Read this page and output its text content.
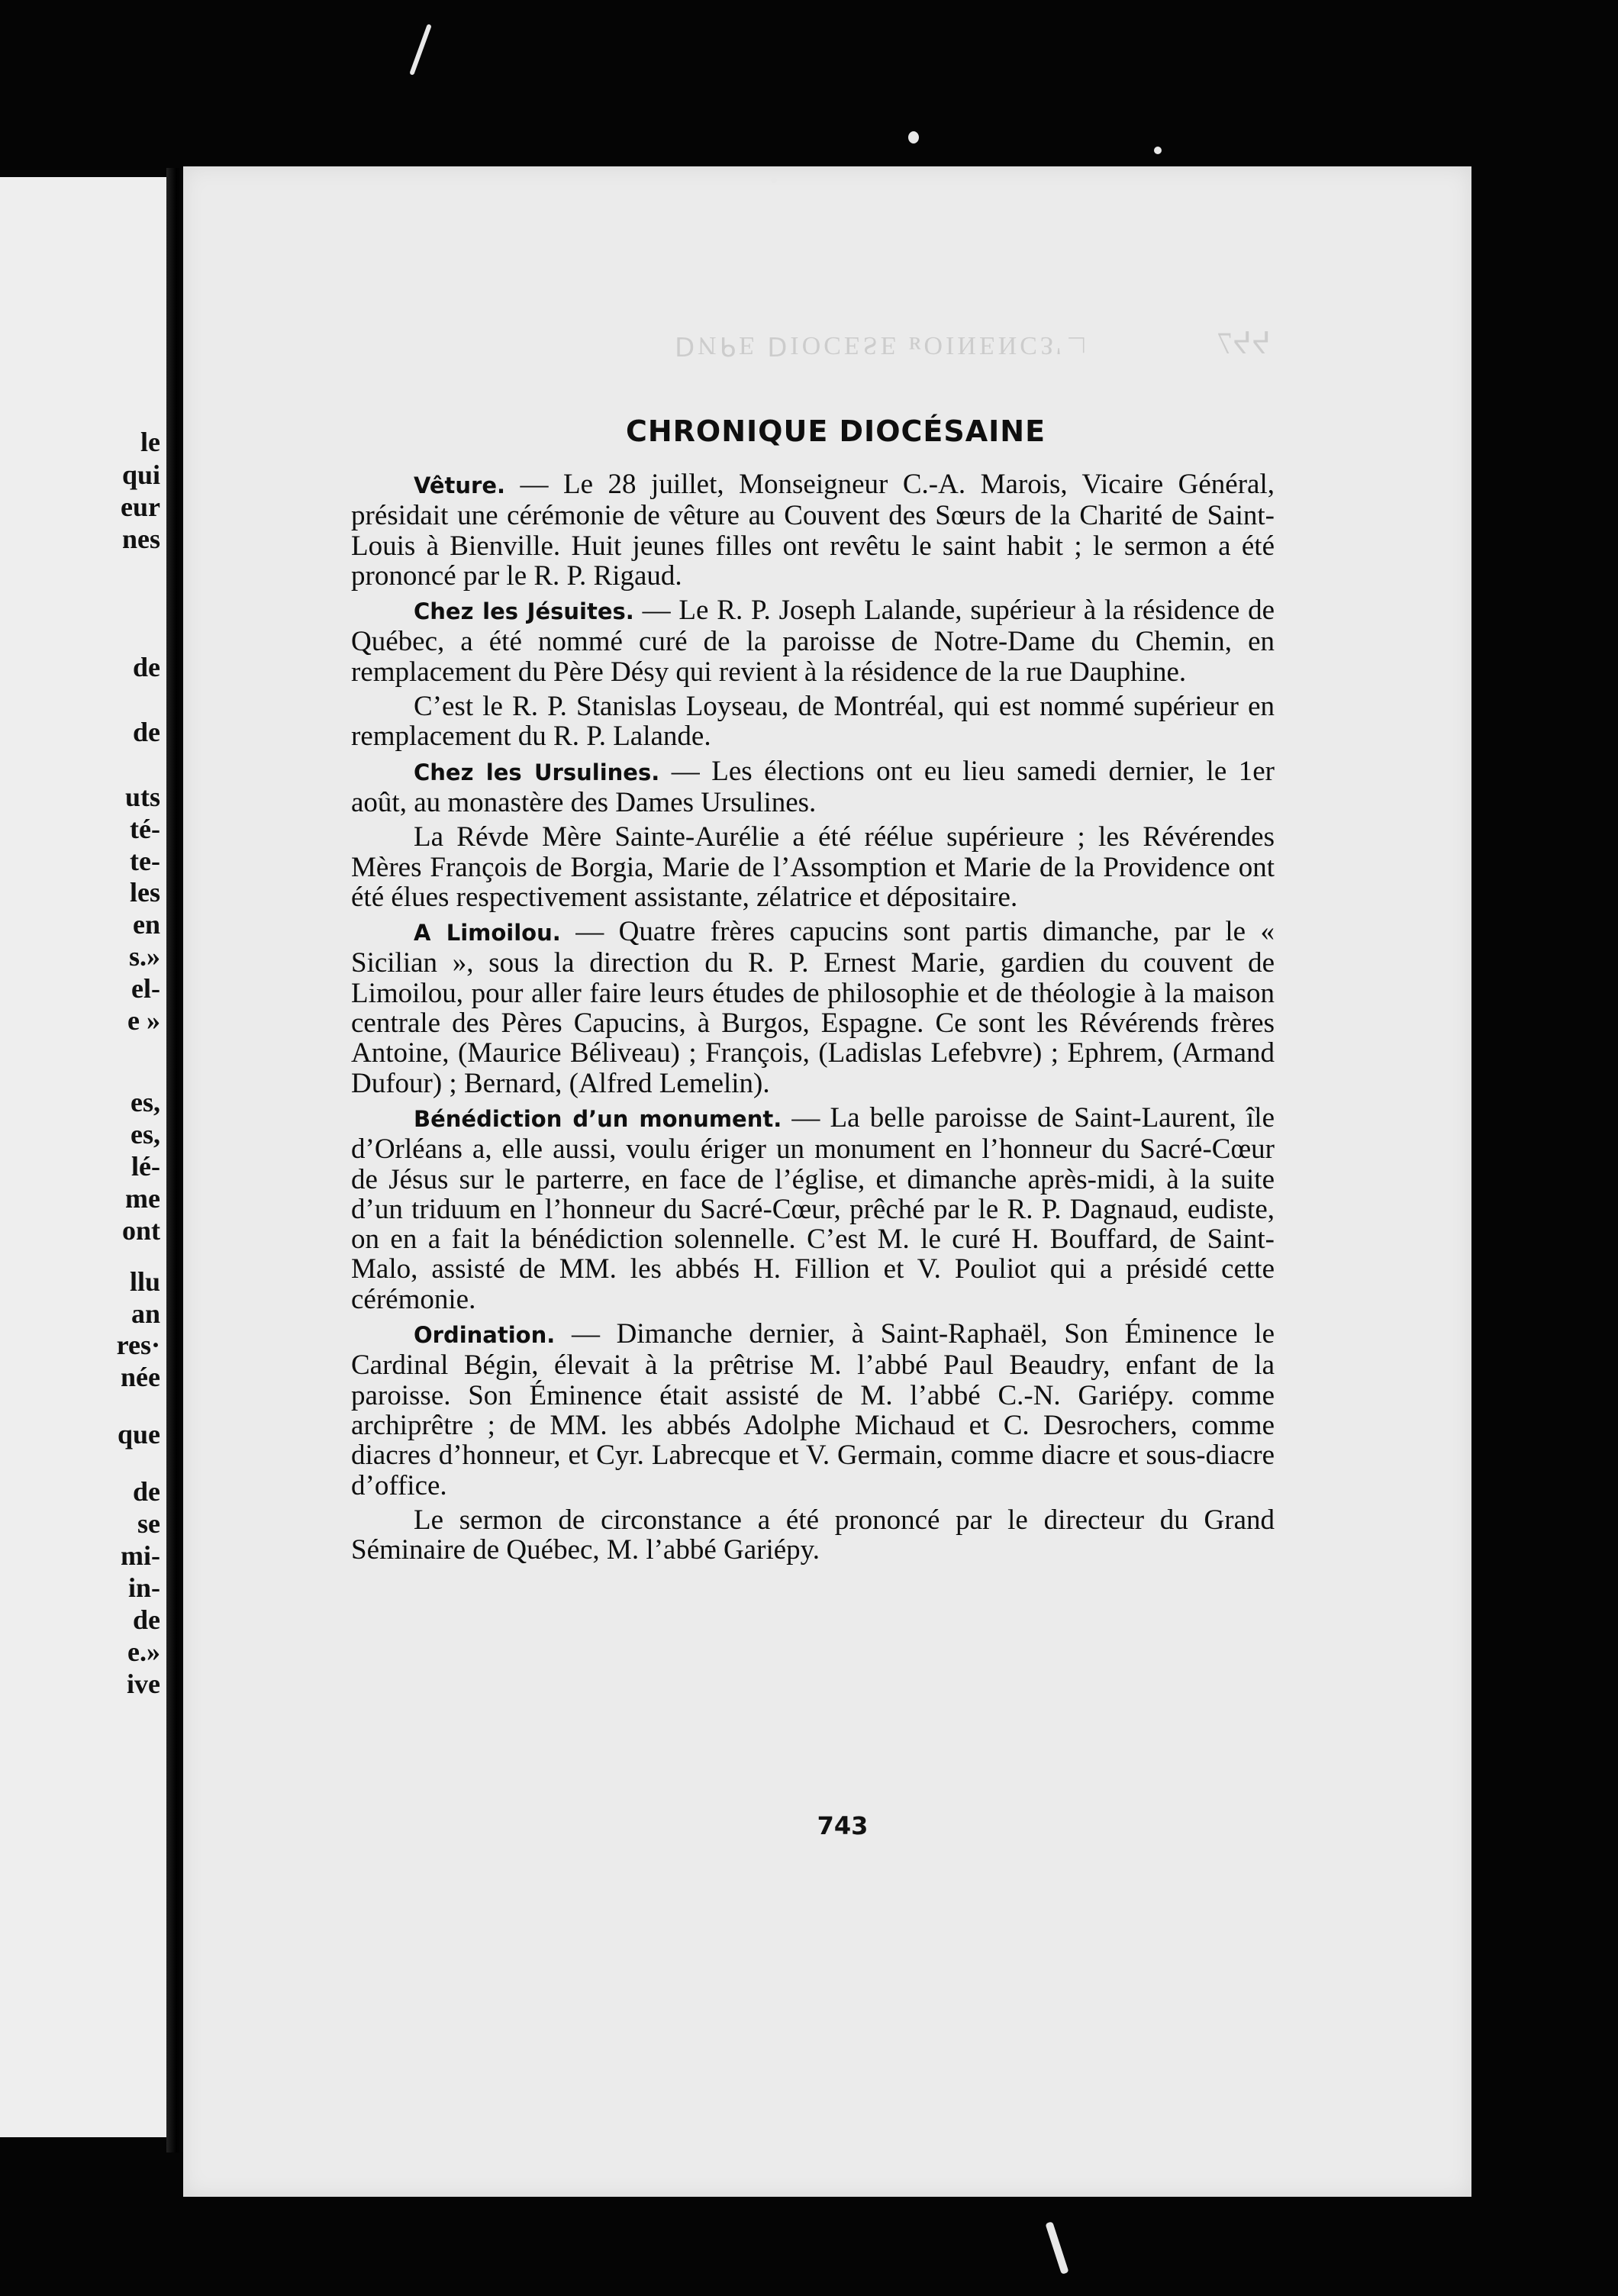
le
qui
eur
nes
de
de
uts
té-
te-
les
en
s.»
el-
e »
es,
es,
lé-
me
ont
llu
an
res·
née
que
de
se
mi-
in-
de
e.»
ive
∟'ƐƆИƎИIOᴚ ƎƧƎƆOIᗡ ƎᑫNᗡ	ᔭᔭ7
CHRONIQUE DIOCÉSAINE

Vêture. — Le 28 juillet, Monseigneur C.-A. Marois, Vicaire Général, présidait une cérémonie de vêture au Couvent des Sœurs de la Charité de Saint-Louis à Bienville. Huit jeunes filles ont revêtu le saint habit ; le sermon a été prononcé par le R. P. Rigaud.

Chez les Jésuites. — Le R. P. Joseph Lalande, supérieur à la résidence de Québec, a été nommé curé de la paroisse de Notre-Dame du Chemin, en remplacement du Père Désy qui revient à la résidence de la rue Dauphine.

C’est le R. P. Stanislas Loyseau, de Montréal, qui est nommé supérieur en remplacement du R. P. Lalande.

Chez les Ursulines. — Les élections ont eu lieu samedi dernier, le 1er août, au monastère des Dames Ursulines.

La Révde Mère Sainte-Aurélie a été réélue supérieure ; les Révérendes Mères François de Borgia, Marie de l’Assomption et Marie de la Providence ont été élues respectivement assistante, zélatrice et dépositaire.

A Limoilou. — Quatre frères capucins sont partis dimanche, par le « Sicilian », sous la direction du R. P. Ernest Marie, gardien du couvent de Limoilou, pour aller faire leurs études de philosophie et de théologie à la maison centrale des Pères Capucins, à Burgos, Espagne. Ce sont les Révérends frères Antoine, (Maurice Béliveau) ; François, (Ladislas Lefebvre) ; Ephrem, (Armand Dufour) ; Bernard, (Alfred Lemelin).

Bénédiction d’un monument. — La belle paroisse de Saint-Laurent, île d’Orléans a, elle aussi, voulu ériger un monument en l’honneur du Sacré-Cœur de Jésus sur le parterre, en face de l’église, et dimanche après-midi, à la suite d’un triduum en l’honneur du Sacré-Cœur, prêché par le R. P. Dagnaud, eudiste, on en a fait la bénédiction solennelle. C’est M. le curé H. Bouffard, de Saint-Malo, assisté de MM. les abbés H. Fillion et V. Pouliot qui a présidé cette cérémonie.

Ordination. — Dimanche dernier, à Saint-Raphaël, Son Éminence le Cardinal Bégin, élevait à la prêtrise M. l’abbé Paul Beaudry, enfant de la paroisse. Son Éminence était assisté de M. l’abbé C.-N. Gariépy. comme archiprêtre ; de MM. les abbés Adolphe Michaud et C. Desrochers, comme diacres d’honneur, et Cyr. Labrecque et V. Germain, comme diacre et sous-diacre d’office.

Le sermon de circonstance a été prononcé par le directeur du Grand Séminaire de Québec, M. l’abbé Gariépy.

743
